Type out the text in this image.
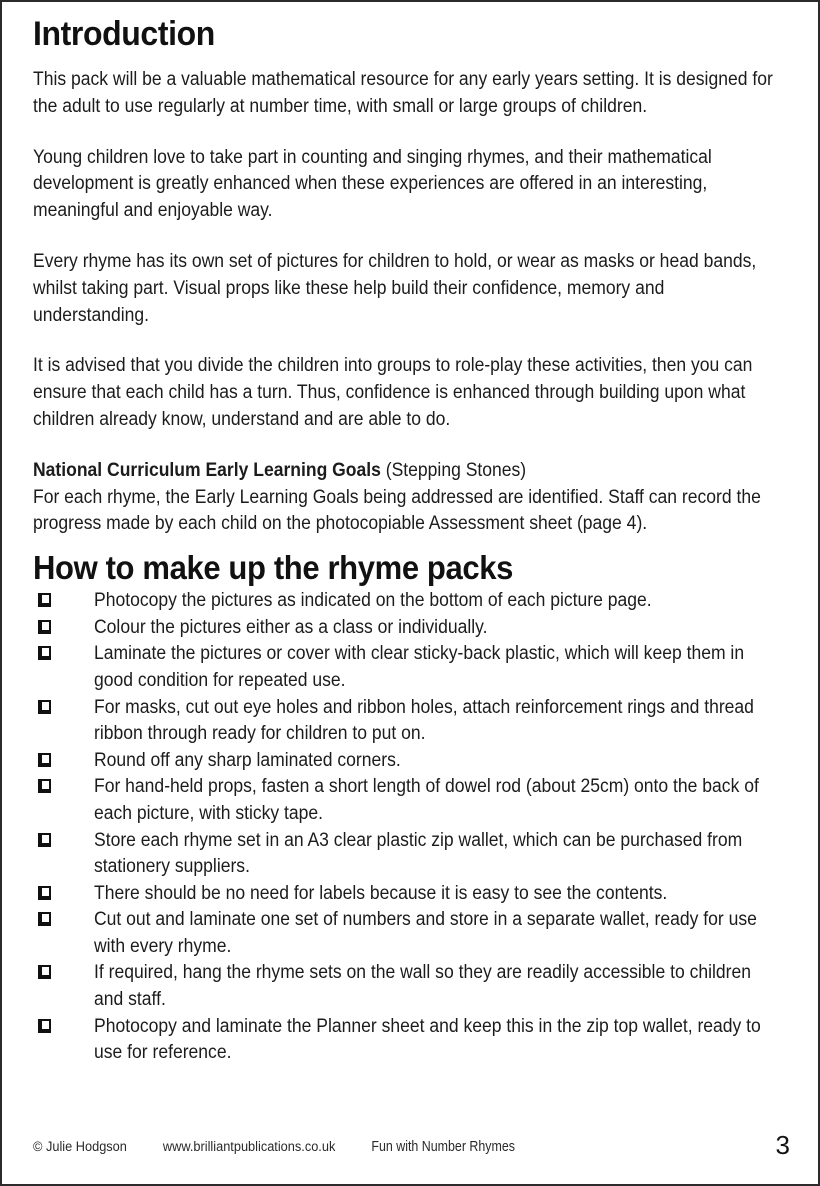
Introduction

This pack will be a valuable mathematical resource for any early years setting. It is designed for the adult to use regularly at number time, with small or large groups of children.

Young children love to take part in counting and singing rhymes, and their mathematical development is greatly enhanced when these experiences are offered in an interesting, meaningful and enjoyable way.

Every rhyme has its own set of pictures for children to hold, or wear as masks or head bands, whilst taking part. Visual props like these help build their confidence, memory and understanding.

It is advised that you divide the children into groups to role-play these activities, then you can ensure that each child has a turn. Thus, confidence is enhanced through building upon what children already know, understand and are able to do.

National Curriculum Early Learning Goals (Stepping Stones)

For each rhyme, the Early Learning Goals being addressed are identified. Staff can record the progress made by each child on the photocopiable Assessment sheet (page 4).

How to make up the rhyme packs
Photocopy the pictures as indicated on the bottom of each picture page.
Colour the pictures either as a class or individually.
Laminate the pictures or cover with clear sticky-back plastic, which will keep them in good condition for repeated use.
For masks, cut out eye holes and ribbon holes, attach reinforcement rings and thread ribbon through ready for children to put on.
Round off any sharp laminated corners.
For hand-held props, fasten a short length of dowel rod (about 25cm) onto the back of each picture, with sticky tape.
Store each rhyme set in an A3 clear plastic zip wallet, which can be purchased from stationery suppliers.
There should be no need for labels because it is easy to see the contents.
Cut out and laminate one set of numbers and store in a separate wallet, ready for use with every rhyme.
If required, hang the rhyme sets on the wall so they are readily accessible to children and staff.
Photocopy and laminate the Planner sheet and keep this in the zip top wallet, ready to use for reference.
© Julie Hodgson	www.brilliantpublications.co.uk Fun with Number Rhymes	3
